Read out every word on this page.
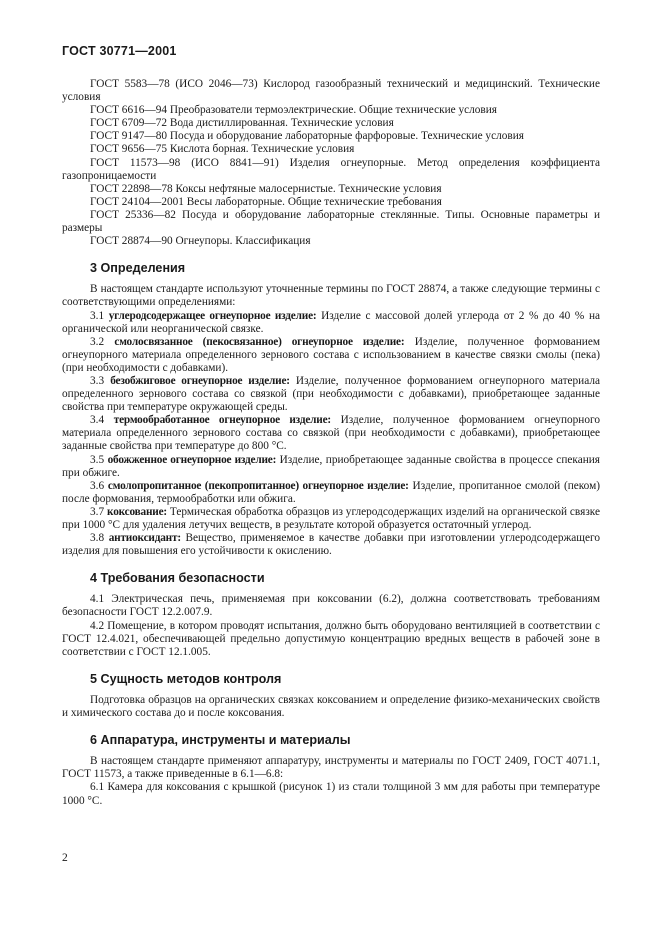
ГОСТ 30771—2001

ГОСТ 5583—78 (ИСО 2046—73) Кислород газообразный технический и медицинский. Технические условия

ГОСТ 6616—94 Преобразователи термоэлектрические. Общие технические условия

ГОСТ 6709—72 Вода дистиллированная. Технические условия

ГОСТ 9147—80 Посуда и оборудование лабораторные фарфоровые. Технические условия

ГОСТ 9656—75 Кислота борная. Технические условия

ГОСТ 11573—98 (ИСО 8841—91) Изделия огнеупорные. Метод определения коэффициента газопроницаемости

ГОСТ 22898—78 Коксы нефтяные малосернистые. Технические условия

ГОСТ 24104—2001 Весы лабораторные. Общие технические требования

ГОСТ 25336—82 Посуда и оборудование лабораторные стеклянные. Типы. Основные параметры и размеры

ГОСТ 28874—90 Огнеупоры. Классификация

3 Определения

В настоящем стандарте используют уточненные термины по ГОСТ 28874, а также следующие термины с соответствующими определениями:

3.1 углеродсодержащее огнеупорное изделие: Изделие с массовой долей углерода от 2 % до 40 % на органической или неорганической связке.

3.2 смолосвязанное (пекосвязанное) огнеупорное изделие: Изделие, полученное формованием огнеупорного материала определенного зернового состава с использованием в качестве связки смолы (пека) (при необходимости с добавками).

3.3 безобжиговое огнеупорное изделие: Изделие, полученное формованием огнеупорного материала определенного зернового состава со связкой (при необходимости с добавками), приобретающее заданные свойства при температуре окружающей среды.

3.4 термообработанное огнеупорное изделие: Изделие, полученное формованием огнеупорного материала определенного зернового состава со связкой (при необходимости с добавками), приобретающее заданные свойства при температуре до 800 °С.

3.5 обожженное огнеупорное изделие: Изделие, приобретающее заданные свойства в процессе спекания при обжиге.

3.6 смолопропитанное (пекопропитанное) огнеупорное изделие: Изделие, пропитанное смолой (пеком) после формования, термообработки или обжига.

3.7 коксование: Термическая обработка образцов из углеродсодержащих изделий на органической связке при 1000 °С для удаления летучих веществ, в результате которой образуется остаточный углерод.

3.8 антиоксидант: Вещество, применяемое в качестве добавки при изготовлении углеродсодержащего изделия для повышения его устойчивости к окислению.

4 Требования безопасности

4.1 Электрическая печь, применяемая при коксовании (6.2), должна соответствовать требованиям безопасности ГОСТ 12.2.007.9.

4.2 Помещение, в котором проводят испытания, должно быть оборудовано вентиляцией в соответствии с ГОСТ 12.4.021, обеспечивающей предельно допустимую концентрацию вредных веществ в рабочей зоне в соответствии с ГОСТ 12.1.005.

5 Сущность методов контроля

Подготовка образцов на органических связках коксованием и определение физико-механических свойств и химического состава до и после коксования.

6 Аппаратура, инструменты и материалы

В настоящем стандарте применяют аппаратуру, инструменты и материалы по ГОСТ 2409, ГОСТ 4071.1, ГОСТ 11573, а также приведенные в 6.1—6.8:

6.1 Камера для коксования с крышкой (рисунок 1) из стали толщиной 3 мм для работы при температуре 1000 °С.

2
